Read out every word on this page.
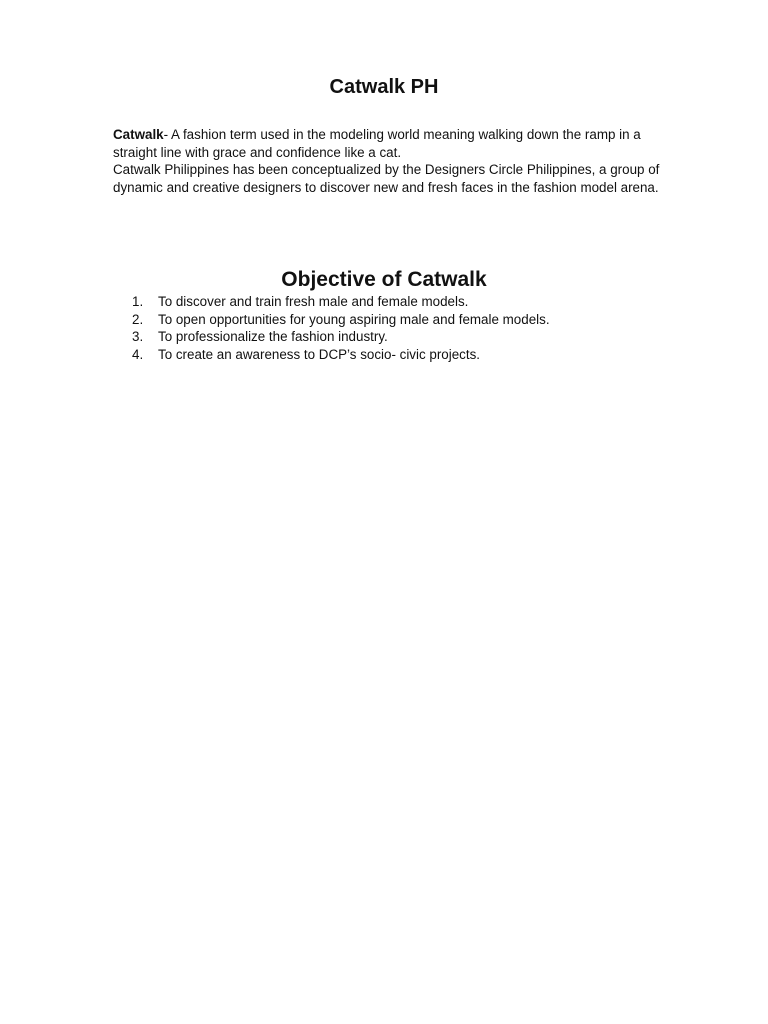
Catwalk PH

Catwalk- A fashion term used in the modeling world meaning walking down the ramp in a straight line with grace and confidence like a cat.

Catwalk Philippines has been conceptualized by the Designers Circle Philippines, a group of dynamic and creative designers to discover new and fresh faces in the fashion model arena.

Objective of Catwalk
1.	To discover and train fresh male and female models.
2.	To open opportunities for young aspiring male and female models.
3.	To professionalize the fashion industry.
4.	To create an awareness to DCP’s socio- civic projects.
